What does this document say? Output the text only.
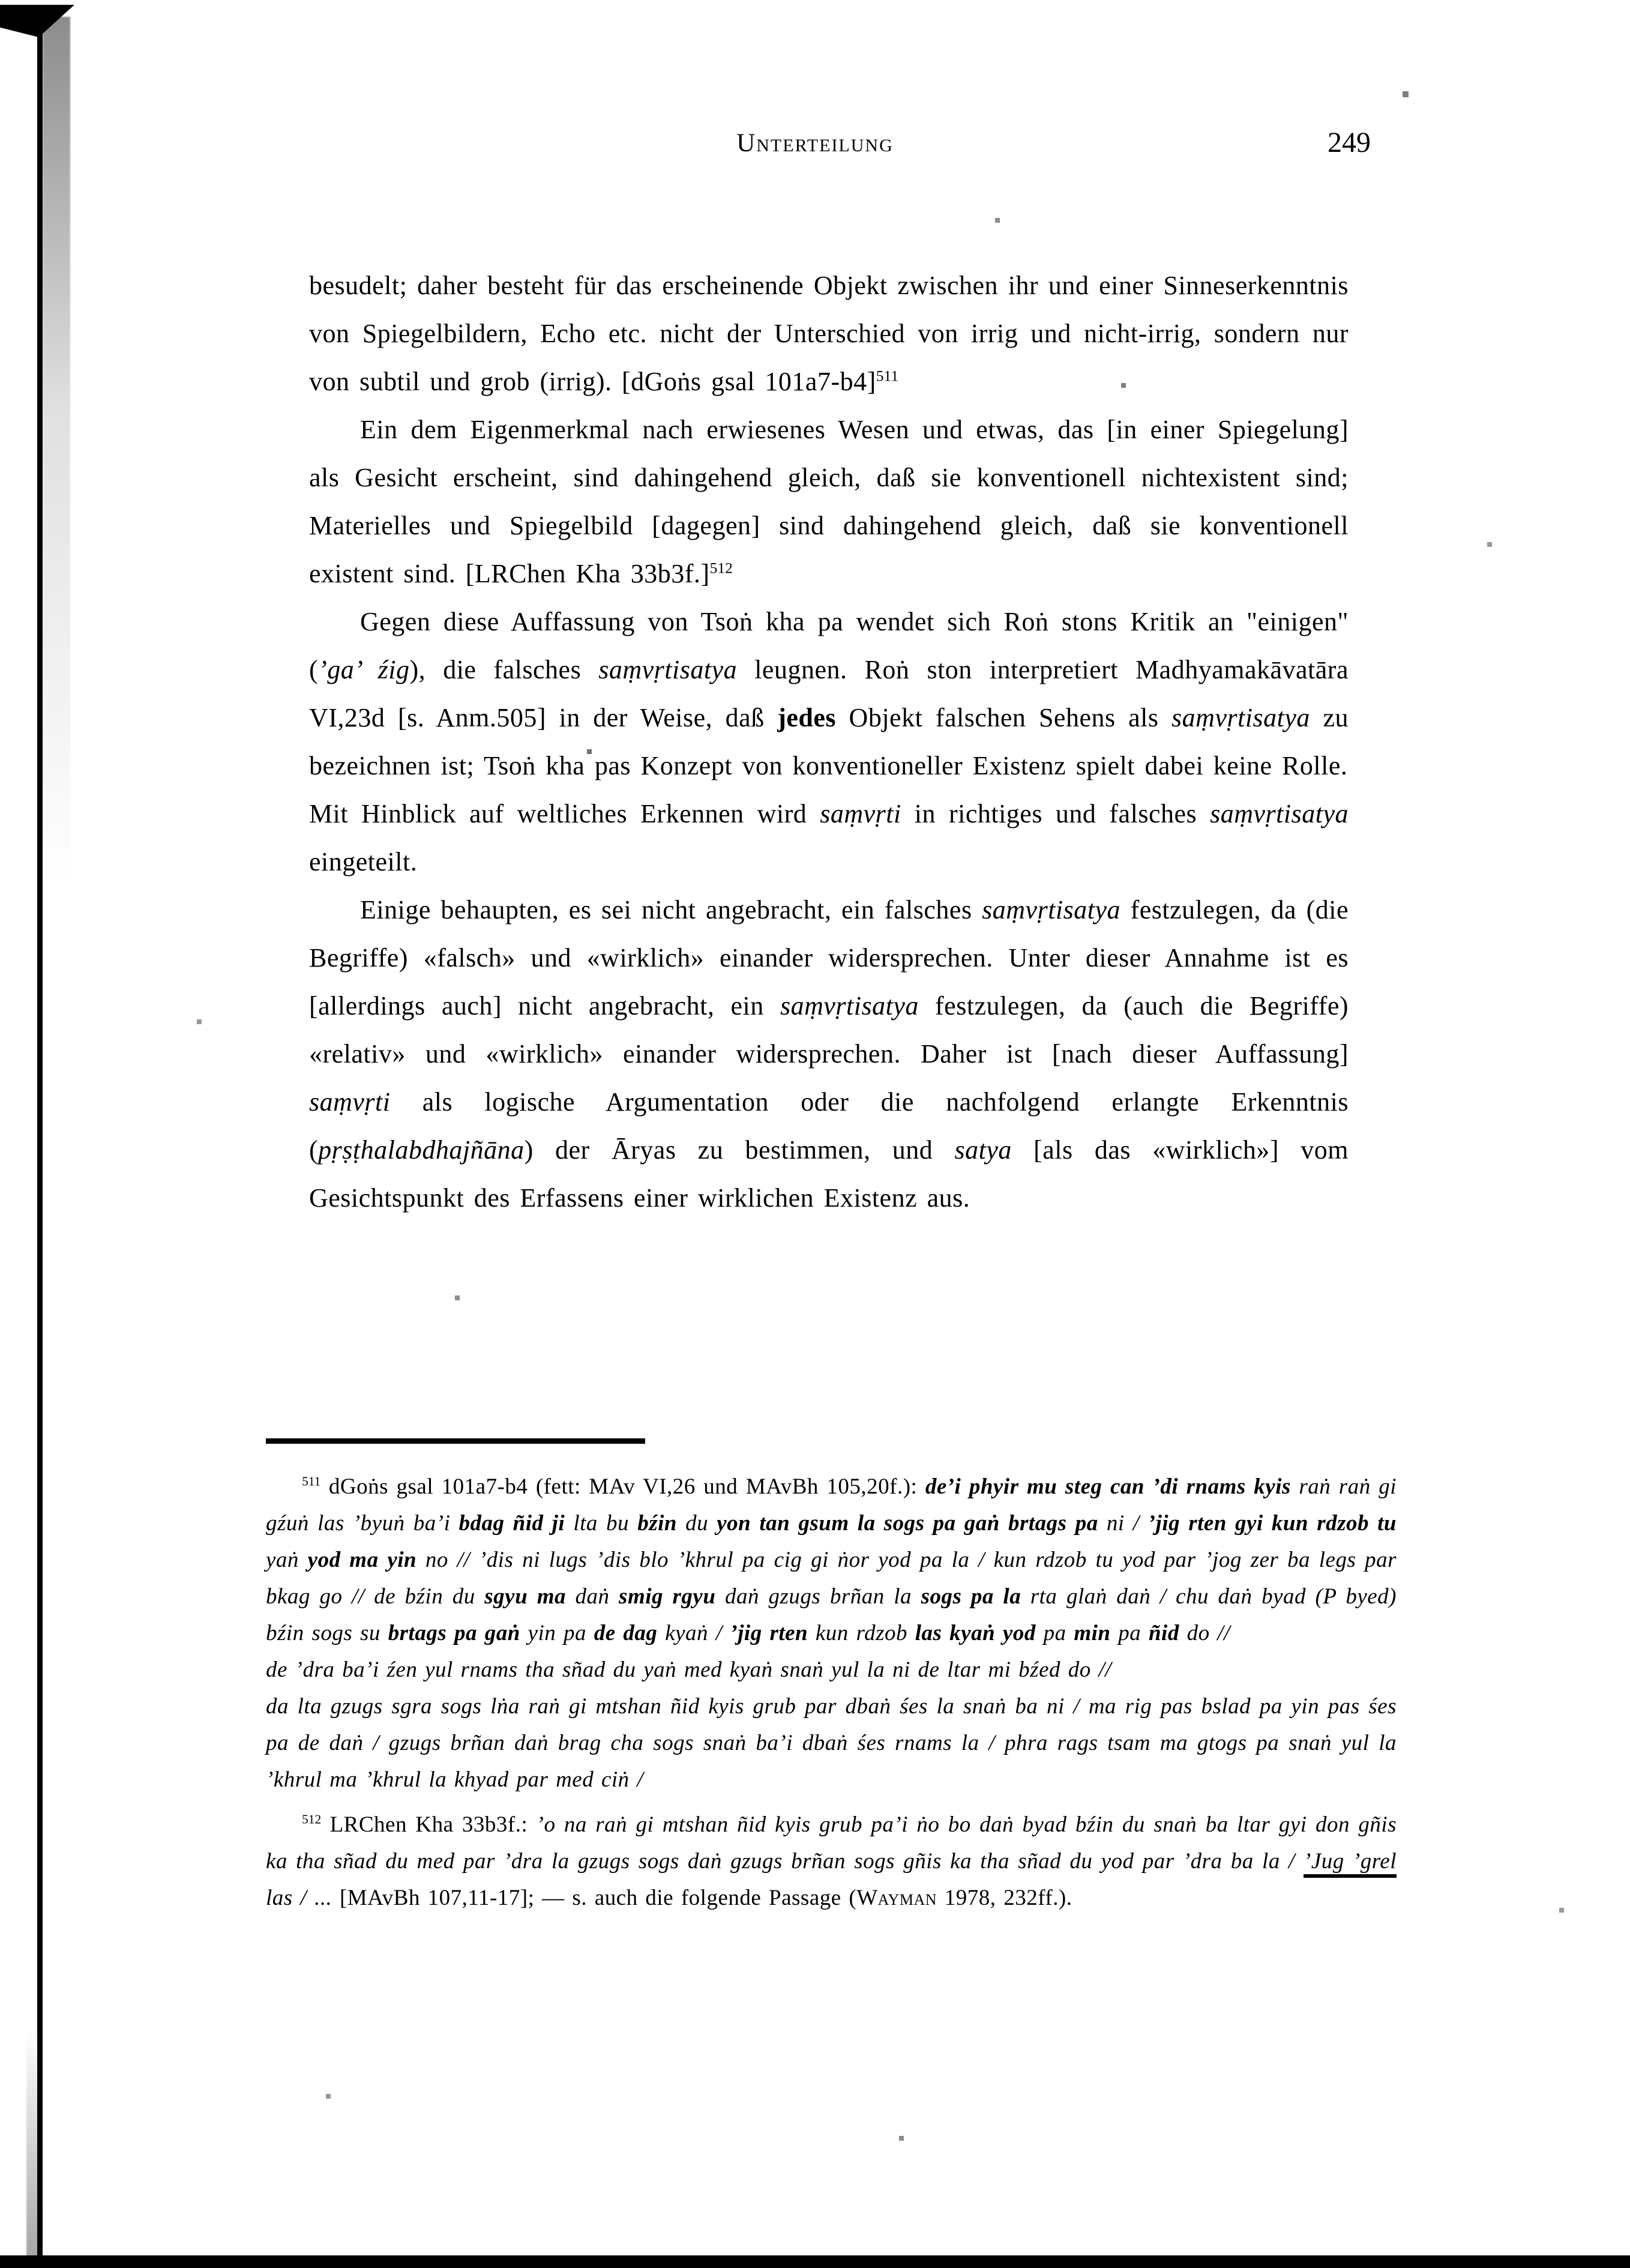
Unterteilung	249

besudelt; daher besteht für das erscheinende Objekt zwischen ihr und einer Sinneserkenntnis von Spiegelbildern, Echo etc. nicht der Unterschied von irrig und nicht-irrig, sondern nur von subtil und grob (irrig). [dGoṅs gsal 101a7-b4]$^{511}$

Ein dem Eigenmerkmal nach erwiesenes Wesen und etwas, das [in einer Spiegelung] als Gesicht erscheint, sind dahingehend gleich, daß sie konventionell nichtexistent sind; Materielles und Spiegelbild [dagegen] sind dahingehend gleich, daß sie konventionell existent sind. [LRChen Kha 33b3f.]$^{512}$

Gegen diese Auffassung von Tsoṅ kha pa wendet sich Roṅ stons Kritik an "einigen" (’ga’ źig), die falsches saṃvṛtisatya leugnen. Roṅ ston interpretiert Madhyamakāvatāra VI,23d [s. Anm.505] in der Weise, daß jedes Objekt falschen Sehens als saṃvṛtisatya zu bezeichnen ist; Tsoṅ kha pas Konzept von konventioneller Existenz spielt dabei keine Rolle.

Mit Hinblick auf weltliches Erkennen wird saṃvṛti in richtiges und falsches saṃvṛtisatya eingeteilt.

Einige behaupten, es sei nicht angebracht, ein falsches saṃvṛtisatya festzulegen, da (die Begriffe) «falsch» und «wirklich» einander widersprechen. Unter dieser Annahme ist es [allerdings auch] nicht angebracht, ein saṃvṛtisatya festzulegen, da (auch die Begriffe) «relativ» und «wirklich» einander widersprechen. Daher ist [nach dieser Auffassung] saṃvṛti als logische Argumentation oder die nachfolgend erlangte Erkenntnis (pṛṣṭhalabdhajñāna) der Āryas zu bestimmen, und satya [als das «wirklich»] vom Gesichtspunkt des Erfassens einer wirklichen Existenz aus.

$^{511}$ dGoṅs gsal 101a7-b4 (fett: MAv VI,26 und MAvBh 105,20f.): de’i phyir mu steg can ’di rnams kyis raṅ raṅ gi gźuṅ las ’byuṅ ba’i bdag ñid ji lta bu bźin du yon tan gsum la sogs pa gaṅ brtags pa ni / ’jig rten gyi kun rdzob tu yaṅ yod ma yin no // ’dis ni lugs ’dis blo ’khrul pa cig gi ṅor yod pa la / kun rdzob tu yod par ’jog zer ba legs par bkag go // de bźin du sgyu ma daṅ smig rgyu daṅ gzugs brñan la sogs pa la rta glaṅ daṅ / chu daṅ byad (P byed) bźin sogs su brtags pa gaṅ yin pa de dag kyaṅ / ’jig rten kun rdzob las kyaṅ yod pa min pa ñid do //

de ’dra ba’i źen yul rnams tha sñad du yaṅ med kyaṅ snaṅ yul la ni de ltar mi bźed do //

da lta gzugs sgra sogs lṅa raṅ gi mtshan ñid kyis grub par dbaṅ śes la snaṅ ba ni / ma rig pas bslad pa yin pas śes pa de daṅ / gzugs brñan daṅ brag cha sogs snaṅ ba’i dbaṅ śes rnams la / phra rags tsam ma gtogs pa snaṅ yul la ’khrul ma ’khrul la khyad par med ciṅ /

$^{512}$ LRChen Kha 33b3f.: ’o na raṅ gi mtshan ñid kyis grub pa’i ṅo bo daṅ byad bźin du snaṅ ba ltar gyi don gñis ka tha sñad du med par ’dra la gzugs sogs daṅ gzugs brñan sogs gñis ka tha sñad du yod par ’dra ba la / ’Jug ’grel las / ... [MAvBh 107,11-17]; — s. auch die folgende Passage (Wayman 1978, 232ff.).
